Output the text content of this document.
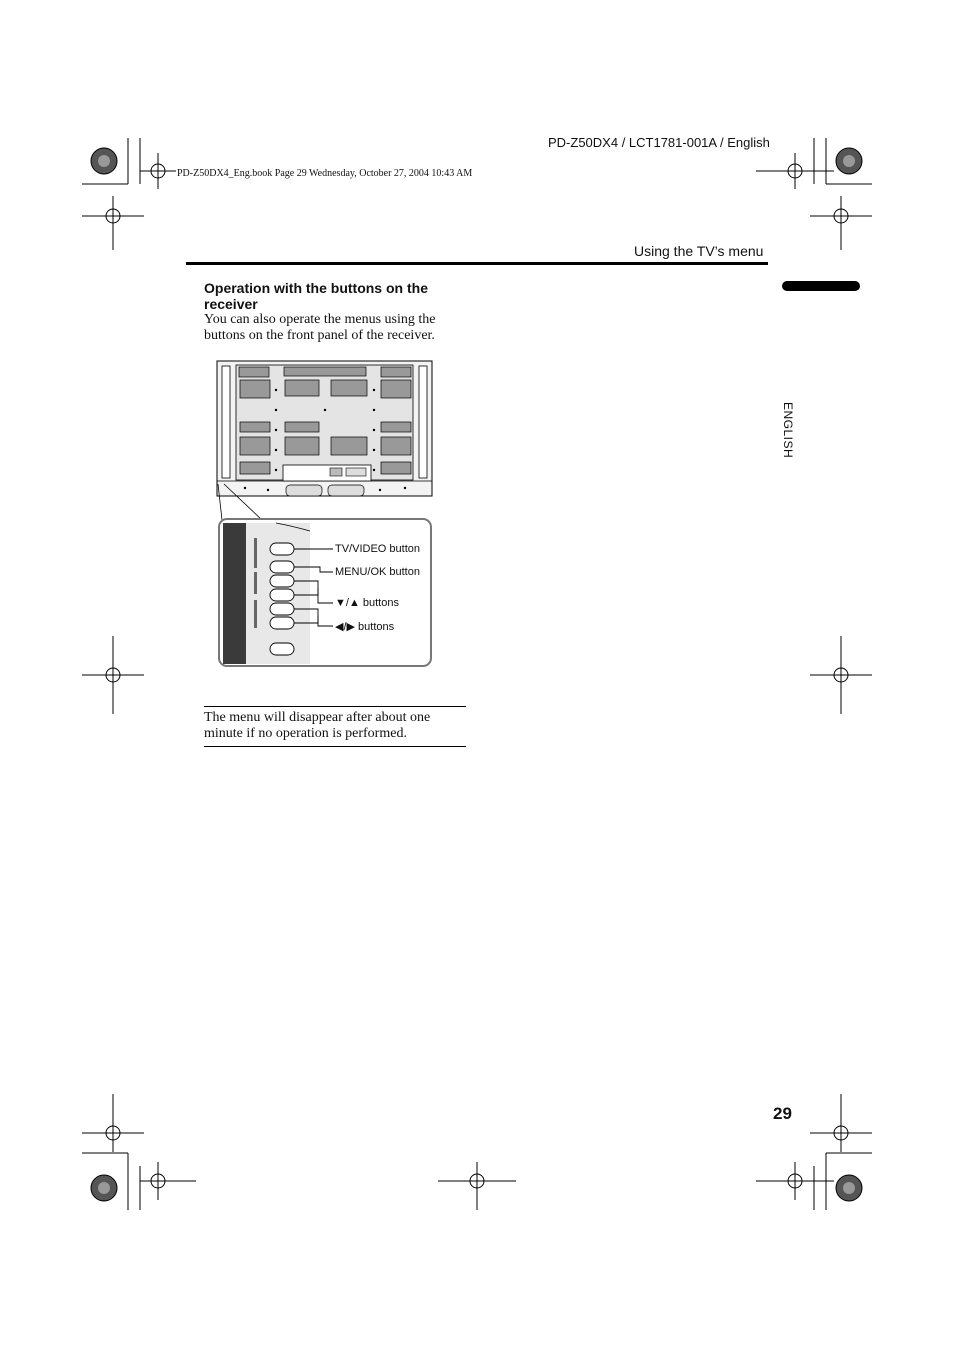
PD-Z50DX4 / LCT1781-001A / English
PD-Z50DX4_Eng.book Page 29 Wednesday, October 27, 2004 10:43 AM
Using the TV’s menu
ENGLISH
Operation with the buttons on the receiver
You can also operate the menus using the buttons on the front panel of the receiver.
TV/VIDEO button
MENU/OK button
▼/▲ buttons
◀/▶ buttons
The menu will disappear after about one minute if no operation is performed.
29
